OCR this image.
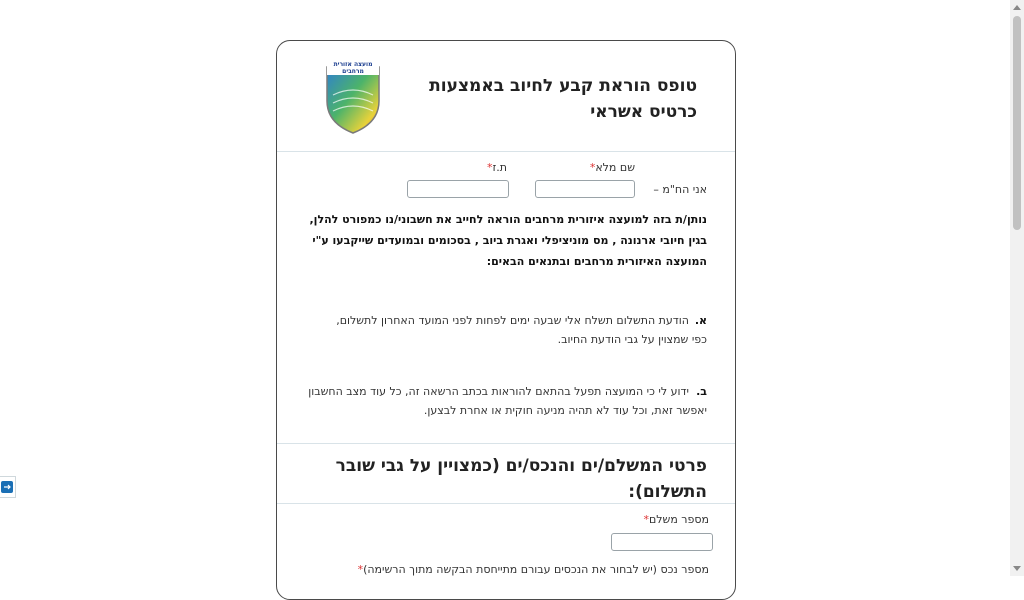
מועצה אזורית מרחבים
טופס הוראת קבע לחיוב באמצעות כרטיס אשראי
שם מלא*
ת.ז*
אני הח"מ –
נותן/ת בזה למועצה איזורית מרחבים הוראה לחייב את חשבוני/נו כמפורט להלן, בגין חיובי ארנונה , מס מוניציפלי ואגרת ביוב , בסכומים ובמועדים שייקבעו ע"י המועצה האיזורית מרחבים ובתנאים הבאים:
א.הודעת התשלום תשלח אלי שבעה ימים לפחות לפני המועד האחרון לתשלום, כפי שמצוין על גבי הודעת החיוב.
ב.ידוע לי כי המועצה תפעל בהתאם להוראות בכתב הרשאה זה, כל עוד מצב החשבון יאפשר זאת, וכל עוד לא תהיה מניעה חוקית או אחרת לבצען.
פרטי המשלם/ים והנכס/ים (כמצויין על גבי שובר התשלום):
מספר משלם*
מספר נכס (יש לבחור את הנכסים עבורם מתייחסת הבקשה מתוך הרשימה)*
